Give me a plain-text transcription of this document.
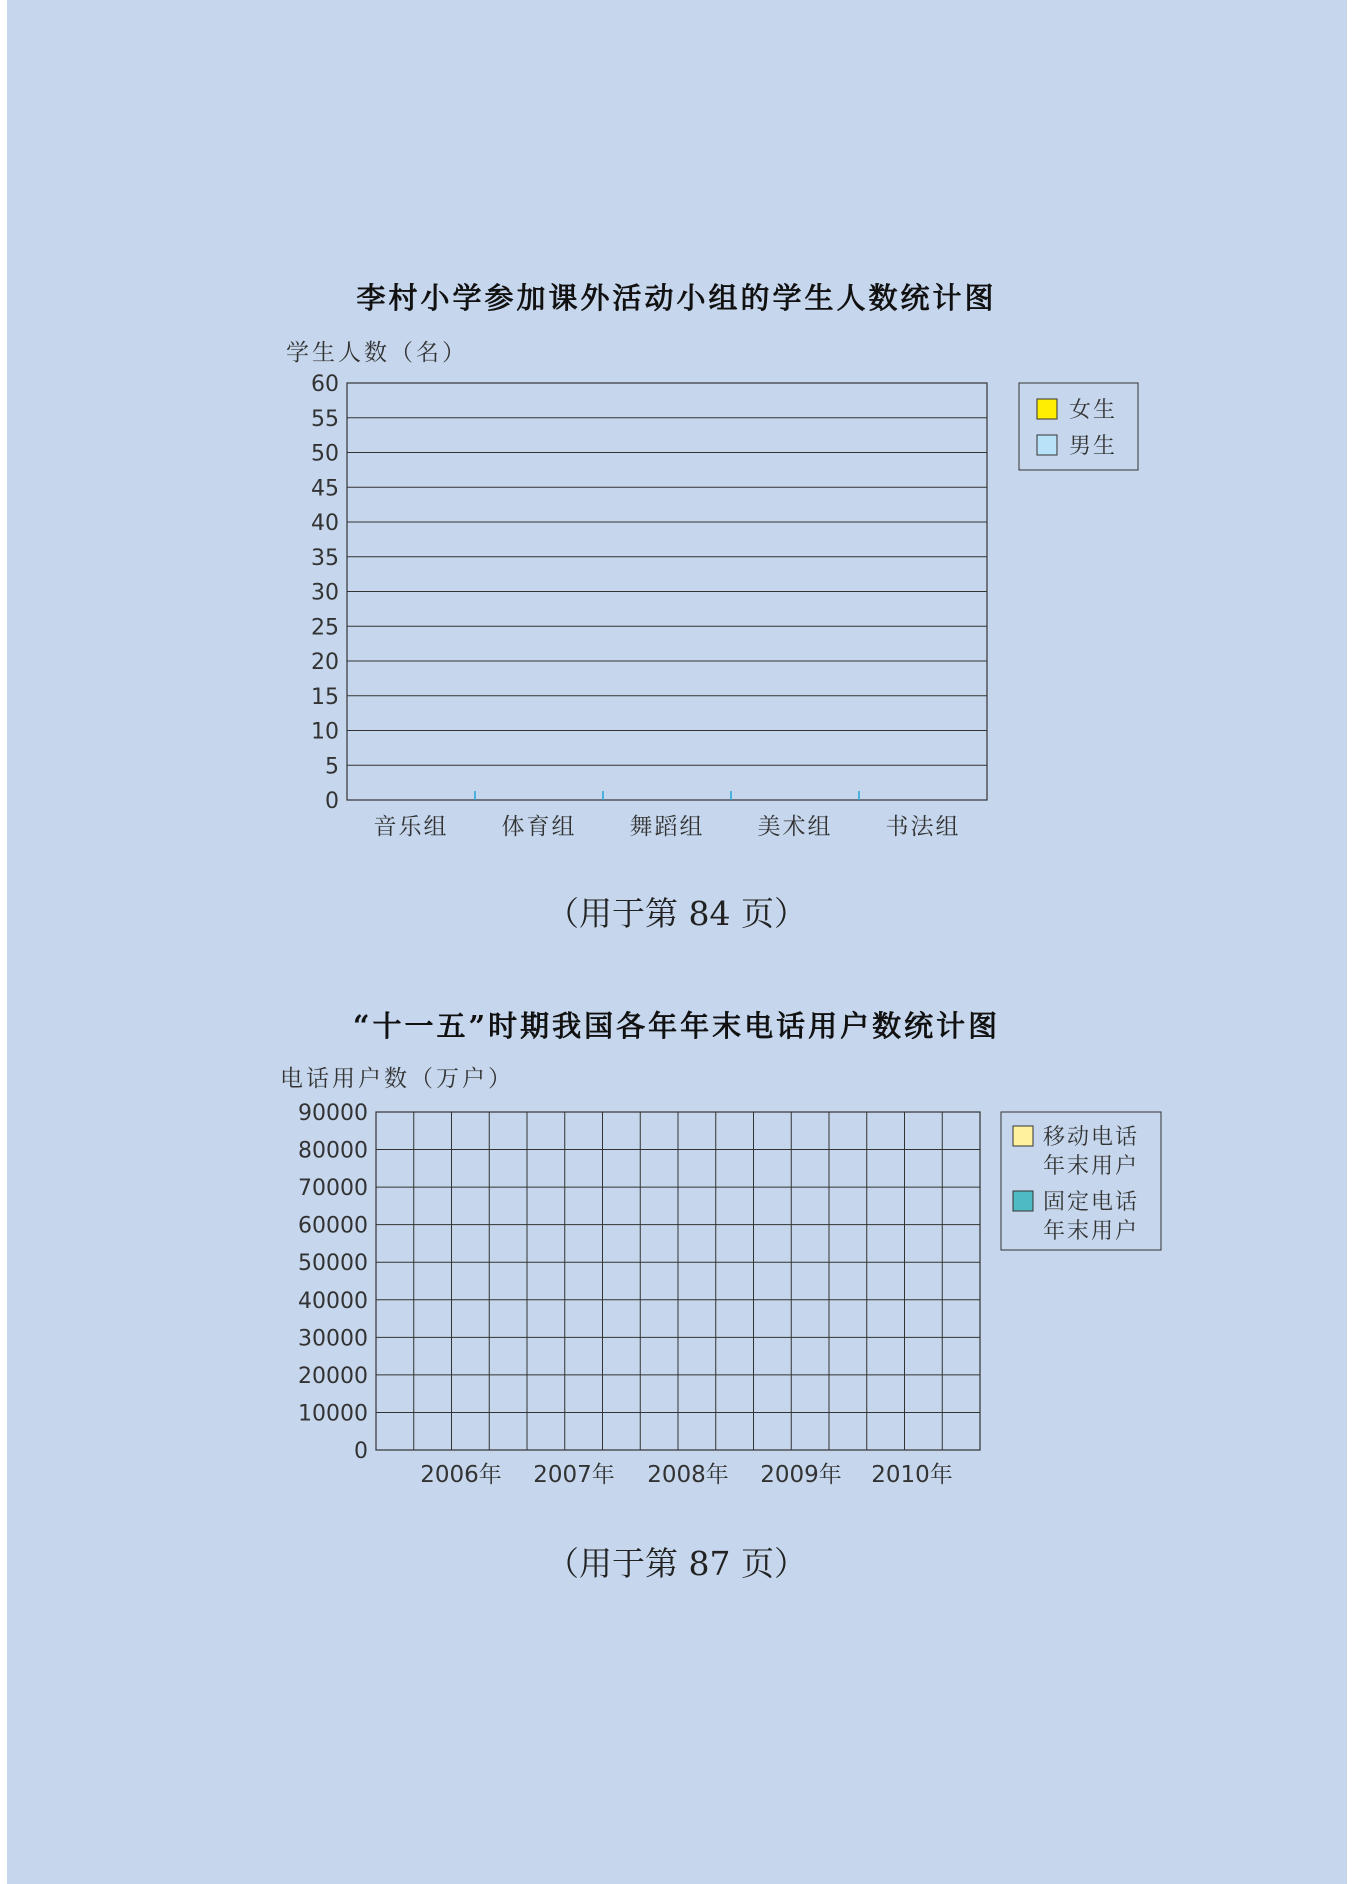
李村小学参加课外活动小组的学生人数统计图
学生人数（名）
（用于第 84 页）
“十一五”时期我国各年年末电话用户数统计图
电话用户数（万户）
（用于第 87 页）
60
55
50
45
40
35
30
25
20
15
10
5
0
音乐组 体育组 舞蹈组 美术组 书法组
女生
男生
90000
80000
70000
60000
50000
40000
30000
20000
10000
0
2006年 2007年 2008年 2009年 2010年
移动电话
年末用户
固定电话
年末用户
